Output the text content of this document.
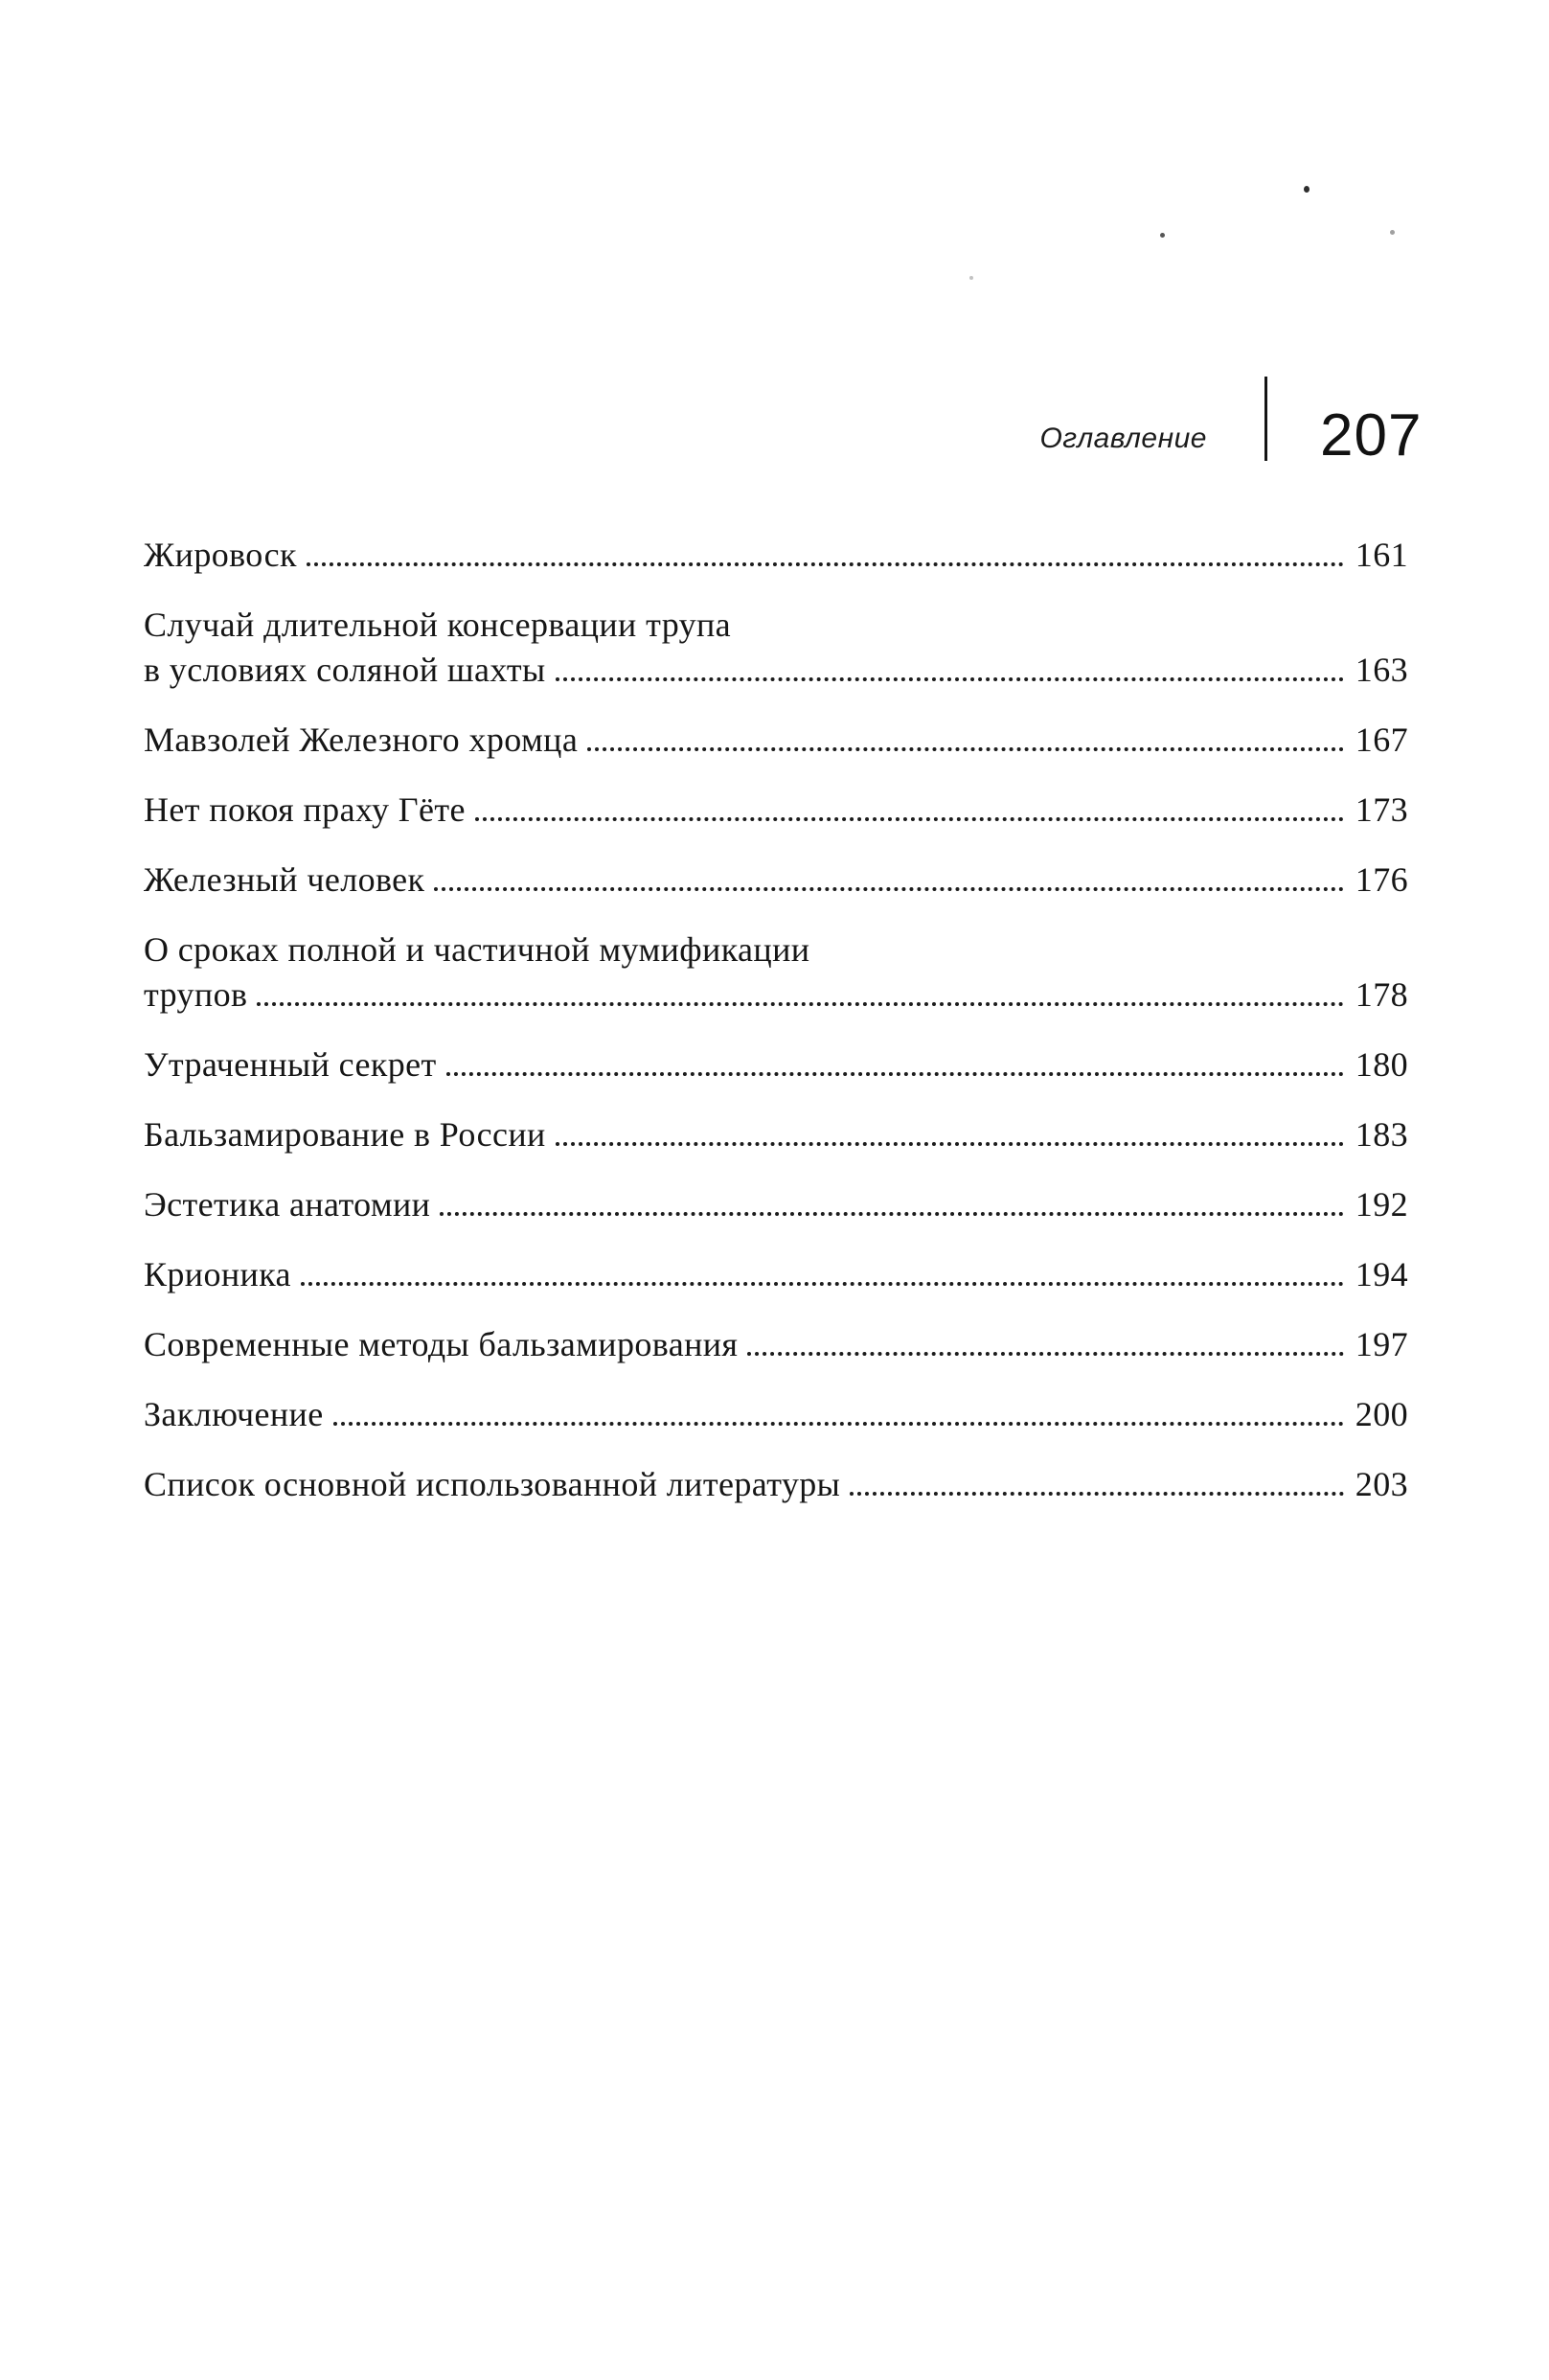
Оглавление 207
Жировоск	161
Случай длительной консервации трупа
в условиях соляной шахты	163
Мавзолей Железного хромца	167
Нет покоя праху Гёте	173
Железный человек	176
О сроках полной и частичной мумификации
трупов	178
Утраченный секрет	180
Бальзамирование в России	183
Эстетика анатомии	192
Крионика	194
Современные методы бальзамирования	197
Заключение	200
Список основной использованной литературы	203
